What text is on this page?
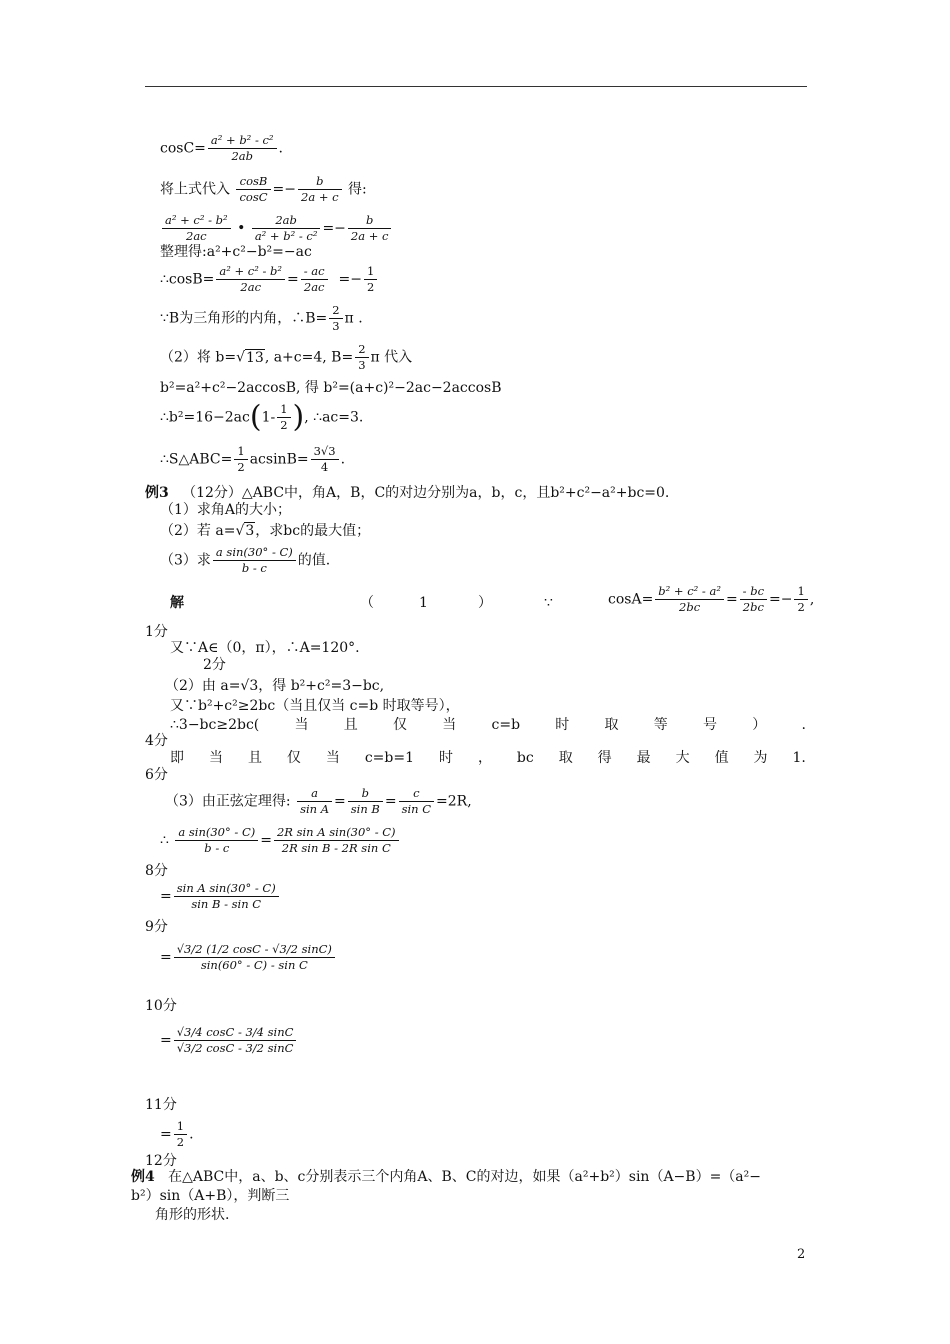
$\cos C= \frac{\text{a² + b² - c²}}{2ab}$ .
将上式代入 $\frac{\cos B}{\cos C} =- \frac{b}{2a + c}$ 得:
$\frac{\text{a² + c² - b²}}{2ac}$ • $\frac{2ab}{\text{a² + b² - c²}} =- \frac{b}{2a + c}$
整理得:a²+c²−b²=−ac
∴cosB= $\frac{\text{a² + c² - b²}}{2ac} = \frac{- ac}{2ac} =- \frac{1}{2}$
∵B为三角形的内角，∴B= $\frac{2}{3}$ π .
（2）将 b=√13, a+c=4, $B= \frac{2}{3}$ π 代入
b²=a²+c²−2accosB, 得 b²=(a+c)²−2ac−2accosB
∴b²=16−2ac(1- $\frac{1}{2}$ ), ∴ac=3.
∴S△ABC= $\frac{1}{2} acsinB= \frac{3√3}{4}$ .
例3 （12分）△ABC中，角A，B，C的对边分别为a，b，c，且b²+c²−a²+bc=0.
（1）求角A的大小；
（2）若 a=√3，求bc的最大值；
（3）求 $\frac{\text{a sin(30° - C)}}{b - c}$ 的值.
解	（	1	）	∵	$\cos A= \frac{\text{b² + c² - a²}}{2bc} = \frac{- bc}{2bc} =- \frac{1}{2}$ ,
1分
又∵A∈（0，π），∴A=120°.
2分
（2）由 a=√3，得 b²+c²=3−bc,
又∵b²+c²≥2bc（当且仅当 c=b 时取等号），
∴3−bc≥2bc(	当	且	仅	当	c=b	时	取	等	号	）	.
4分
即 当 且 仅 当 c=b=1 时 ， bc 取 得 最 大 值 为 1.
6分
（3）由正弦定理得: $\frac{a}{\text{sin A}} = \frac{b}{\text{sin B}} = \frac{c}{\text{sin C}} =2R$,
∴ $\frac{\text{a sin(30° - C)}}{b - c} = \frac{\text{2R sin A sin(30° - C)}}{\text{2R sin B - 2R sin C}}$
8分
= $\frac{\text{sin A sin(30° - C)}}{\text{sin B - sin C}}$
9分
= $\frac{√3/2 (1/2 \cos C - √3/2 \sin C)}{\text{sin(60° - C) - sin C}}$
10分
= $\frac{√3/4 \cos C - 3/4 \sin C}{√3/2 \cos C - 3/2 \sin C}$
11分
= $\frac{1}{2}$ .
12分
例4 在△ABC中，a、b、c分别表示三个内角A、B、C的对边，如果（a²+b²）sin（A−B）=（a²−
b²）sin（A+B），判断三
角形的形状.
2
